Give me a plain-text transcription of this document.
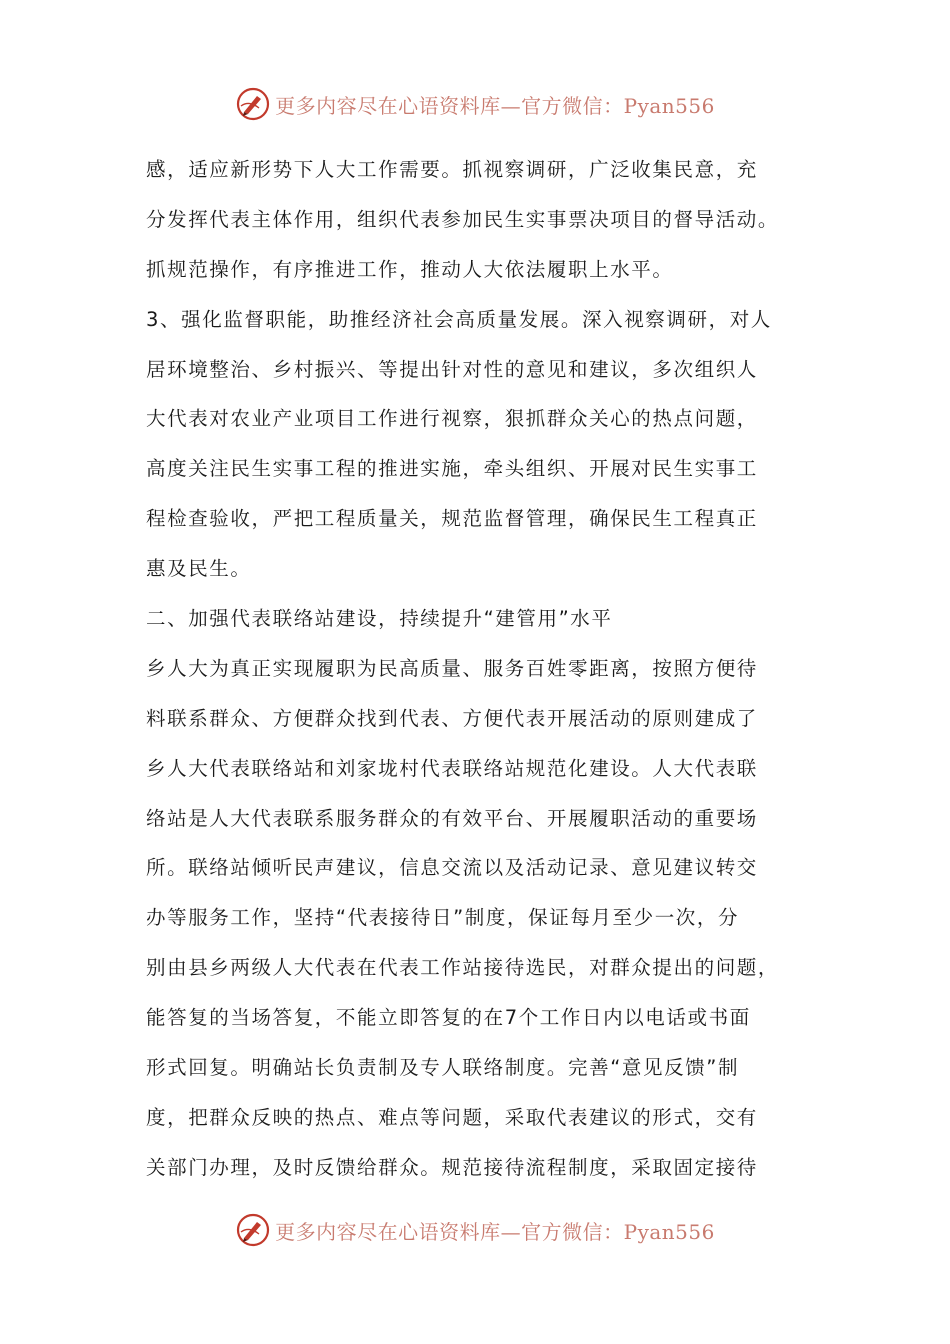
更多内容尽在心语资料库—官方微信：Pyan556
感，适应新形势下人大工作需要。抓视察调研，广泛收集民意，充
分发挥代表主体作用，组织代表参加民生实事票决项目的督导活动。
抓规范操作，有序推进工作，推动人大依法履职上水平。
3、强化监督职能，助推经济社会高质量发展。深入视察调研，对人
居环境整治、乡村振兴、等提出针对性的意见和建议，多次组织人
大代表对农业产业项目工作进行视察，狠抓群众关心的热点问题，
高度关注民生实事工程的推进实施，牵头组织、开展对民生实事工
程检查验收，严把工程质量关，规范监督管理，确保民生工程真正
惠及民生。
二、加强代表联络站建设，持续提升“建管用”水平
乡人大为真正实现履职为民高质量、服务百姓零距离，按照方便待
料联系群众、方便群众找到代表、方便代表开展活动的原则建成了
乡人大代表联络站和刘家垅村代表联络站规范化建设。人大代表联
络站是人大代表联系服务群众的有效平台、开展履职活动的重要场
所。联络站倾听民声建议，信息交流以及活动记录、意见建议转交
办等服务工作，坚持“代表接待日”制度，保证每月至少一次，分
别由县乡两级人大代表在代表工作站接待选民，对群众提出的问题，
能答复的当场答复，不能立即答复的在7个工作日内以电话或书面
形式回复。明确站长负责制及专人联络制度。完善“意见反馈”制
度，把群众反映的热点、难点等问题，采取代表建议的形式，交有
关部门办理，及时反馈给群众。规范接待流程制度，采取固定接待
更多内容尽在心语资料库—官方微信：Pyan556
